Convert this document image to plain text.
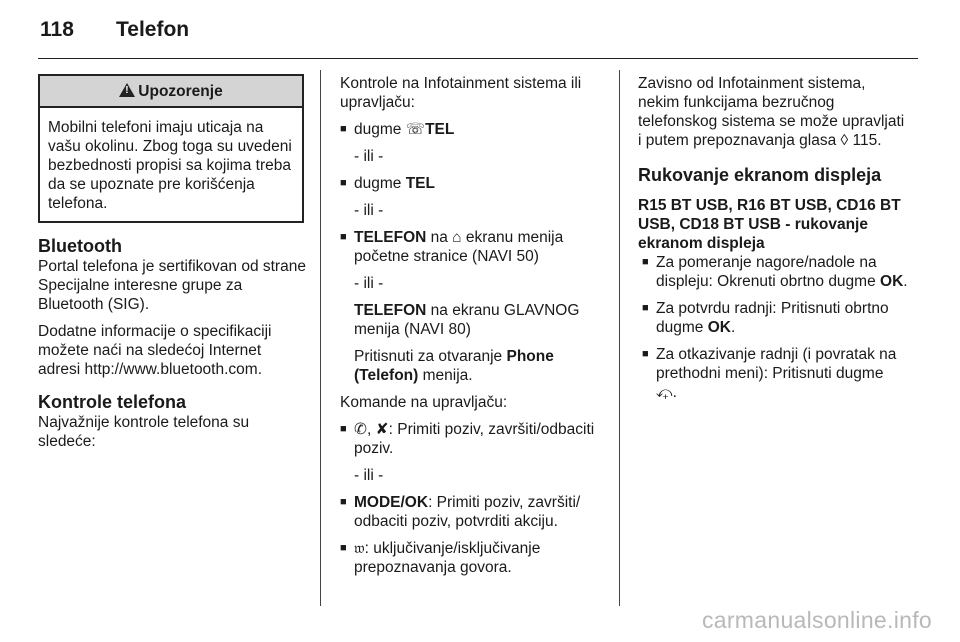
118 Telefon
! Upozorenje
Mobilni telefoni imaju uticaja na vašu okolinu. Zbog toga su uvedeni bezbednosti propisi sa kojima treba da se upoznate pre korišćenja telefona.
Bluetooth

Portal telefona je sertifikovan od strane Specijalne interesne grupe za Bluetooth (SIG).

Dodatne informacije o specifikaciji možete naći na sledećoj Internet adresi http://www.bluetooth.com.

Kontrole telefona

Najvažnije kontrole telefona su sledeće:

Kontrole na Infotainment sistema ili upravljaču:

■ dugme ☏TEL
- ili -
■ dugme TEL
- ili -
■ TELEFON na ⌂ ekranu menija početne stranice (NAVI 50)
- ili -
TELEFON na ekranu GLAVNOG menija (NAVI 80)
Pritisnuti za otvaranje Phone (Telefon) menija.

Komande na upravljaču:

■ ✆, ✘: Primiti poziv, završiti/odbaciti poziv.
- ili -
■ MODE/OK: Primiti poziv, završiti/ odbaciti poziv, potvrditi akciju.
■ 𝔴: uključivanje/isključivanje prepoznavanja govora.

Zavisno od Infotainment sistema, nekim funkcijama bezručnog telefonskog sistema se može upravljati i putem prepoznavanja glasa ◊ 115.

Rukovanje ekranom displeja
R15 BT USB, R16 BT USB, CD16 BT USB, CD18 BT USB - rukovanje ekranom displeja
■ Za pomeranje nagore/nadole na displeju: Okrenuti obrtno dugme OK.
■ Za potvrdu radnji: Pritisnuti obrtno dugme OK.
■ Za otkazivanje radnji (i povratak na prethodni meni): Pritisnuti dugme ⤽.
carmanualsonline.info
